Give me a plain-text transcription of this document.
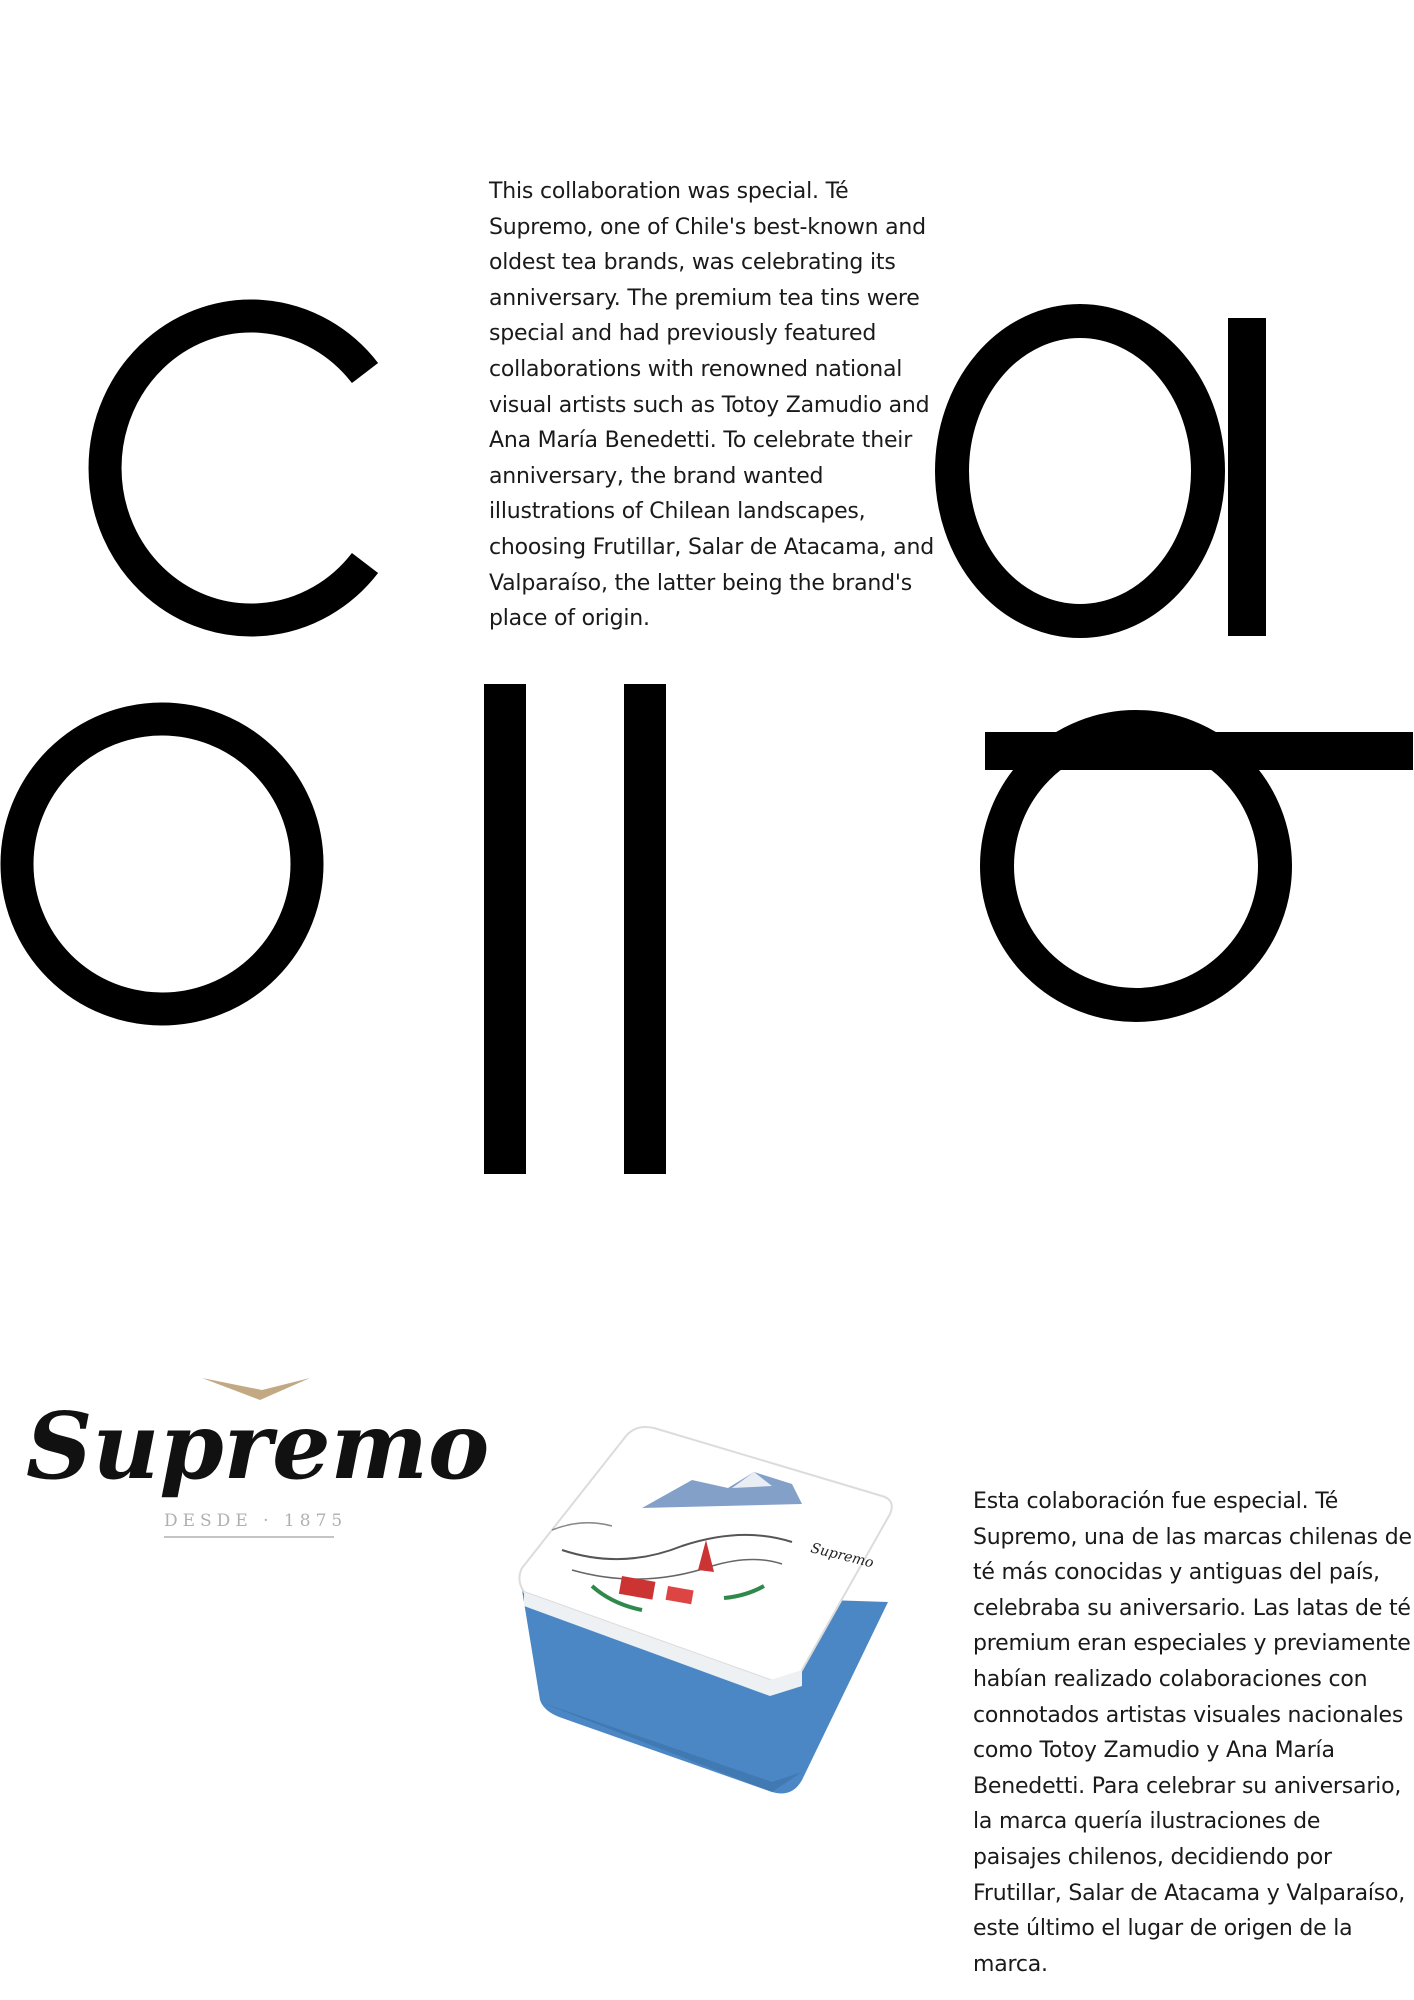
This collaboration was special. Té Supremo, one of Chile's best-known and oldest tea brands, was celebrating its anniversary. The premium tea tins were special and had previously featured collaborations with renowned national visual artists such as Totoy Zamudio and Ana María Benedetti. To celebrate their anniversary, the brand wanted illustrations of Chilean landscapes, choosing Frutillar, Salar de Atacama, and Valparaíso, the latter being the brand's place of origin.

Esta colaboración fue especial. Té Supremo, una de las marcas chilenas de té más conocidas y antiguas del país, celebraba su aniversario. Las latas de té premium eran especiales y previamente habían realizado colaboraciones con connotados artistas visuales nacionales como Totoy Zamudio y Ana María Benedetti. Para celebrar su aniversario, la marca quería ilustraciones de paisajes chilenos, decidiendo por Frutillar, Salar de Atacama y Valparaíso, este último el lugar de origen de la marca.

Supremo
DESDE · 1875
Supremo
